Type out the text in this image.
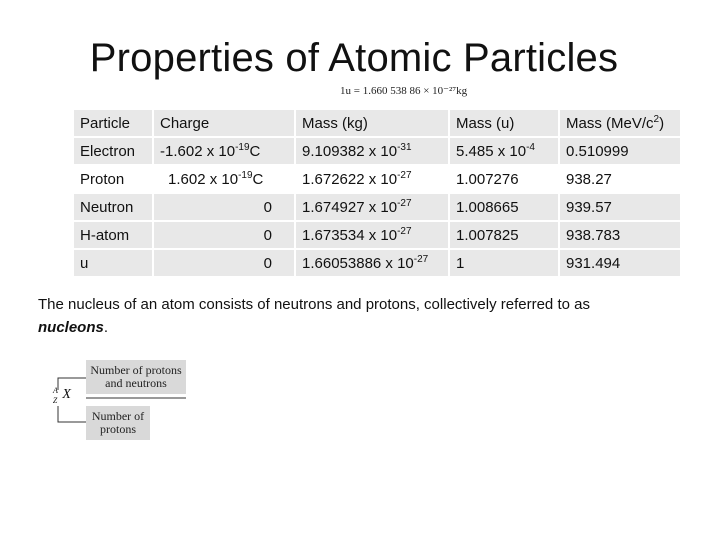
Properties of Atomic Particles
1u = 1.660 538 86 × 10⁻²⁷kg
Particle	Charge	Mass (kg)	Mass (u)	Mass $(MeV/c^2)$
Electron	-1.602 x $10^{-19}C$	9.109382 x $10^{-31}$	5.485 x $10^{-4}$	0.510999
Proton	1.602 x $10^{-19}C$	1.672622 x $10^{-27}$	1.007276	938.27
Neutron	0	1.674927 x $10^{-27}$	1.008665	939.57
H-atom	0	1.673534 x $10^{-27}$	1.007825	938.783
u	0	1.66053886 x $10^{-27}$	1	931.494
The nucleus of an atom consists of neutrons and protons, collectively referred to as nucleons.
Number of protons
and neutrons
Number of
protons
$^A_Z$ X
